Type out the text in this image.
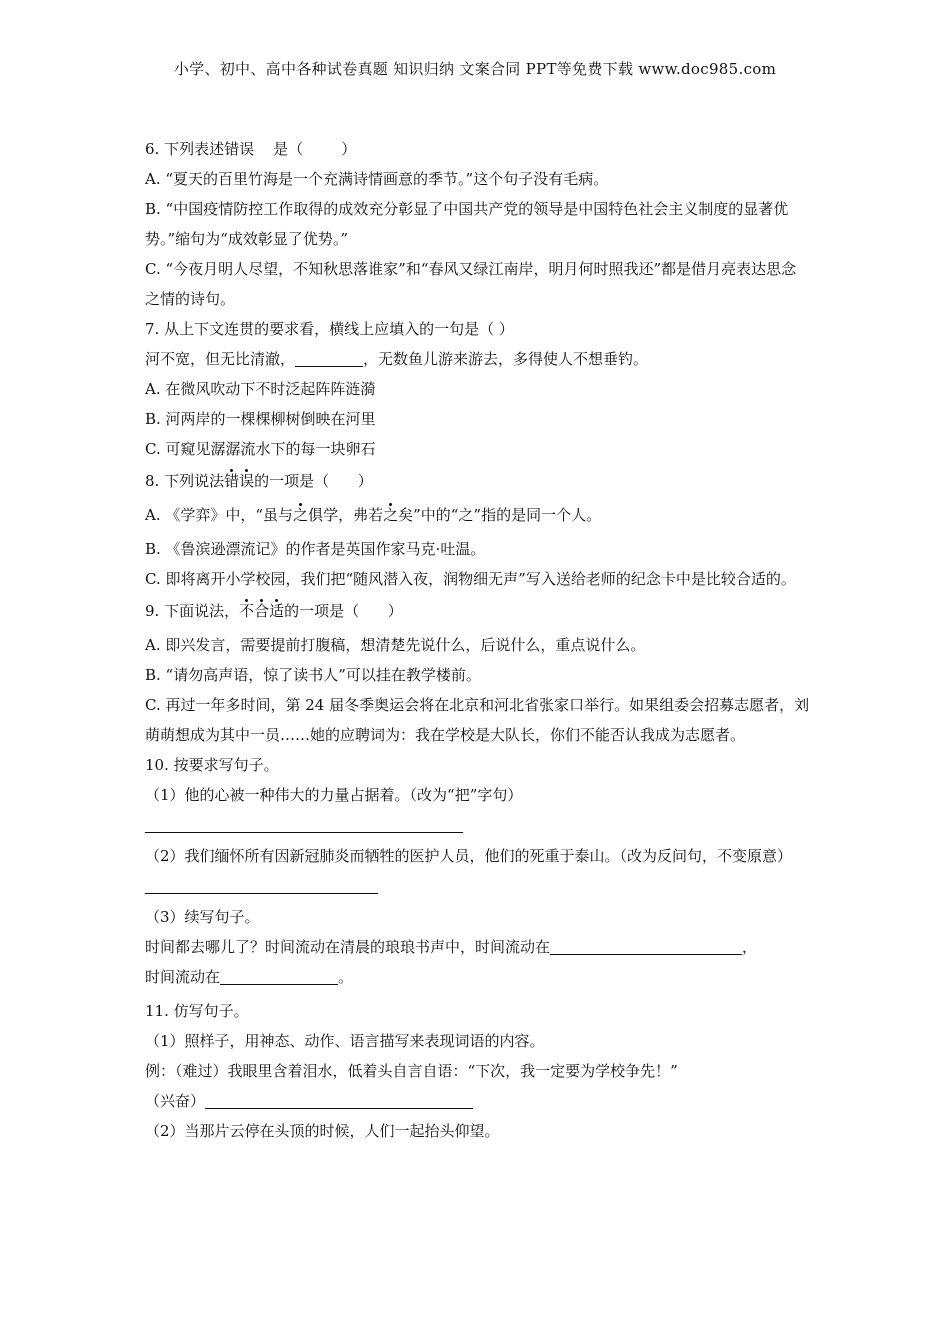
小学、初中、高中各种试卷真题 知识归纳 文案合同 PPT等免费下载 www.doc985.com
6. 下列表述错误    是（        ）
A. “夏天的百里竹海是一个充满诗情画意的季节。”这个句子没有毛病。
B. “中国疫情防控工作取得的成效充分彰显了中国共产党的领导是中国特色社会主义制度的显著优势。”缩句为“成效彰显了优势。”
C. “今夜月明人尽望，不知秋思落谁家”和“春风又绿江南岸，明月何时照我还”都是借月亮表达思念之情的诗句。
7. 从上下文连贯的要求看，横线上应填入的一句是（ ）
河不宽，但无比清澈，	，无数鱼儿游来游去，多得使人不想垂钓。
A. 在微风吹动下不时泛起阵阵涟漪
B. 河两岸的一棵棵柳树倒映在河里
C. 可窥见潺潺流水下的每一块卵石
8. 下列说法错误的一项是（      ）
A. 《学弈》中，“虽与之俱学，弗若之矣”中的“之”指的是同一个人。
B. 《鲁滨逊漂流记》的作者是英国作家马克·吐温。
C. 即将离开小学校园，我们把“随风潜入夜，润物细无声”写入送给老师的纪念卡中是比较合适的。
9. 下面说法，不合适的一项是（      ）
A. 即兴发言，需要提前打腹稿，想清楚先说什么，后说什么，重点说什么。
B. “请勿高声语，惊了读书人”可以挂在教学楼前。
C. 再过一年多时间，第 24 届冬季奥运会将在北京和河北省张家口举行。如果组委会招募志愿者，刘萌萌想成为其中一员……她的应聘词为：我在学校是大队长，你们不能否认我成为志愿者。
10. 按要求写句子。
（1）他的心被一种伟大的力量占据着。（改为“把”字句）
（2）我们缅怀所有因新冠肺炎而牺牲的医护人员，他们的死重于泰山。（改为反问句，不变原意）
（3）续写句子。
时间都去哪儿了？时间流动在清晨的琅琅书声中，时间流动在	，
时间流动在	。
11. 仿写句子。
（1）照样子，用神态、动作、语言描写来表现词语的内容。
例：（难过）我眼里含着泪水，低着头自言自语：“下次，我一定要为学校争先！”
（兴奋）
（2）当那片云停在头顶的时候，人们一起抬头仰望。
